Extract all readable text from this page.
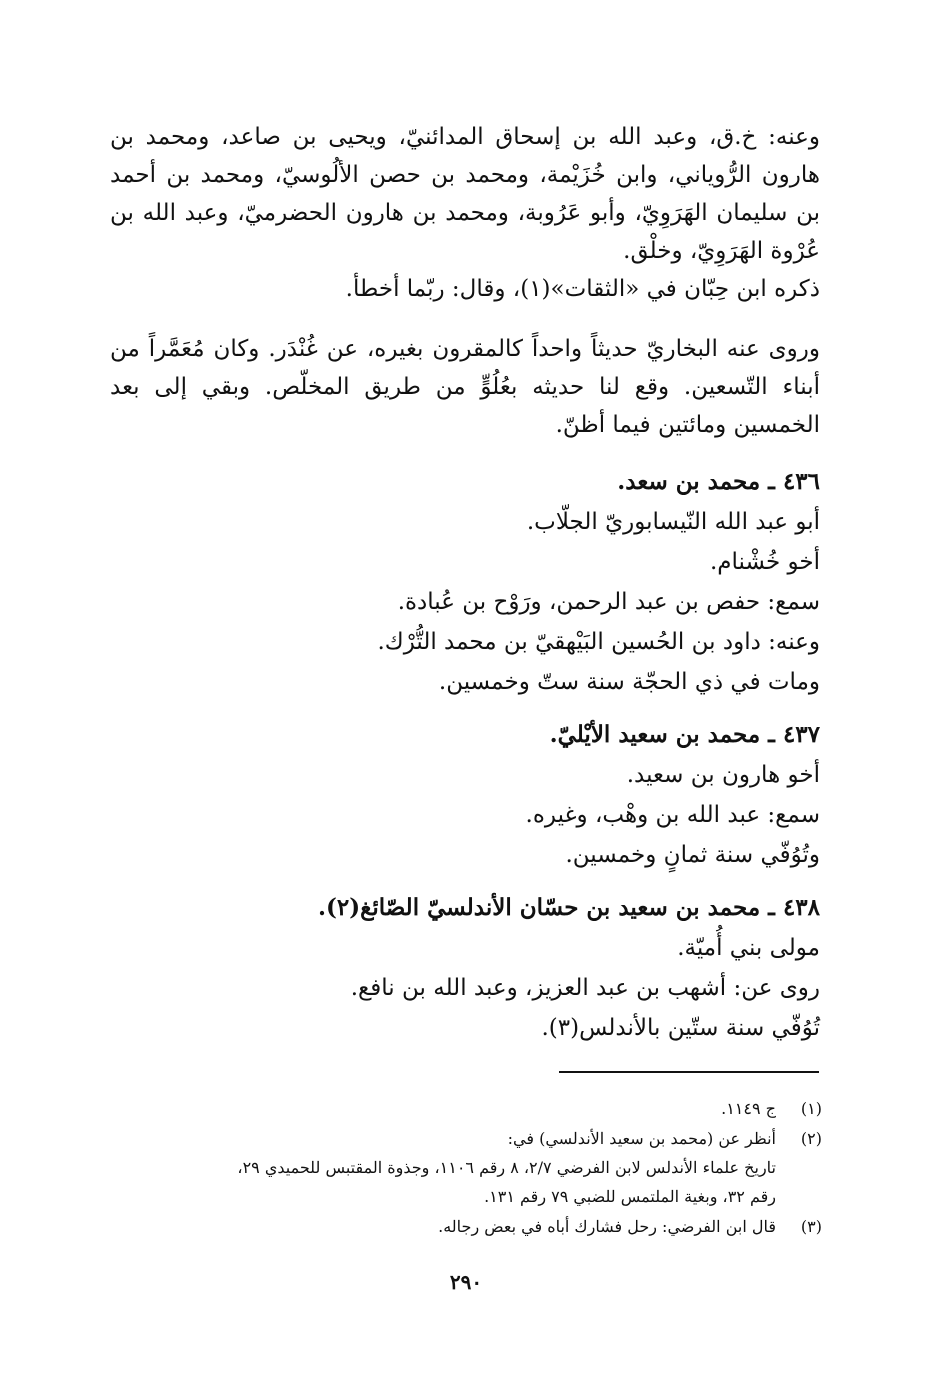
وعنه: خ.ق، وعبد الله بن إسحاق المدائنيّ، ويحيى بن صاعد، ومحمد بن هارون الرُّوياني، وابن خُزَيْمة، ومحمد بن حصن الألُوسيّ، ومحمد بن أحمد بن سليمان الهَرَوِيّ، وأبو عَرُوبة، ومحمد بن هارون الحضرميّ، وعبد الله بن عُرْوة الهَرَوِيّ، وخلْق.
ذكره ابن حِبّان في «الثقات»(١)، وقال: ربّما أخطأ.
وروى عنه البخاريّ حديثاً واحداً كالمقرون بغيره، عن غُنْدَر. وكان مُعَمَّراً من أبناء التّسعين. وقع لنا حديثه بعُلُوٍّ من طريق المخلّص. وبقي إلى بعد الخمسين ومائتين فيما أظنّ.
٤٣٦ ـ محمد بن سعد.
أبو عبد الله النّيسابوريّ الجلّاب.
أخو خُشْنام.
سمع: حفص بن عبد الرحمن، ورَوْح بن عُبادة.
وعنه: داود بن الحُسين البَيْهقيّ بن محمد التُّرْك.
ومات في ذي الحجّة سنة ستّ وخمسين.
٤٣٧ ـ محمد بن سعيد الأيْليّ.
أخو هارون بن سعيد.
سمع: عبد الله بن وهْب، وغيره.
وتُوُفّي سنة ثمانٍ وخمسين.
٤٣٨ ـ محمد بن سعيد بن حسّان الأندلسيّ الصّائغ(٢).
مولى بني أُميّة.
روى عن: أشهب بن عبد العزيز، وعبد الله بن نافع.
تُوُفّي سنة ستّين بالأندلس(٣).
(١)ج ١١٤٩.
(٢)أنظر عن (محمد بن سعيد الأندلسي) في:
تاريخ علماء الأندلس لابن الفرضي ٢/٧، ٨ رقم ١١٠٦، وجذوة المقتبس للحميدي ٢٩،
رقم ٣٢، وبغية الملتمس للضبي ٧٩ رقم ١٣١.
(٣)قال ابن الفرضي: رحل فشارك أباه في بعض رجاله.
٢٩٠
